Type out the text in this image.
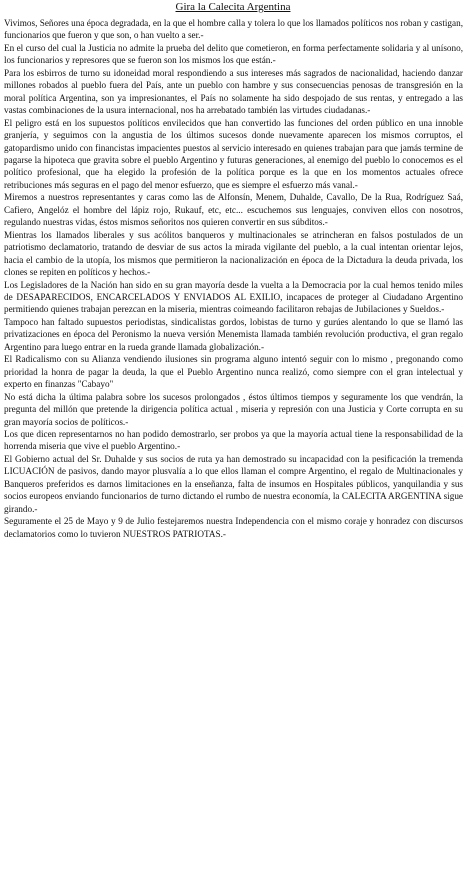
Gira la Calecita Argentina

Vivimos, Señores una época degradada, en la que el hombre calla y tolera lo que los llamados políticos nos roban y castigan, funcionarios que fueron y que son, o han vuelto a ser.-

En el curso del cual la Justicia no admite la prueba del delito que cometieron, en forma perfectamente solidaria y al unísono, los funcionarios y represores que se fueron son los mismos los que están.-

Para los esbirros de turno su idoneidad moral respondiendo a sus intereses más sagrados de nacionalidad, haciendo danzar millones robados al pueblo fuera del País, ante un pueblo con hambre y sus consecuencias penosas de transgresión en la moral política Argentina, son ya impresionantes, el País no solamente ha sido despojado de sus rentas, y entregado a las vastas combinaciones de la usura internacional, nos ha arrebatado también las virtudes ciudadanas.-

El peligro está en los supuestos políticos envilecidos que han convertido las funciones del orden público en una innoble granjería, y seguimos con la angustia de los últimos sucesos donde nuevamente aparecen los mismos corruptos, el gatopardismo unido con financistas impacientes puestos al servicio interesado en quienes trabajan para que jamás termine de pagarse la hipoteca que gravita sobre el pueblo Argentino y futuras generaciones, al enemigo del pueblo lo conocemos es el político profesional, que ha elegido la profesión de la política porque es la que en los momentos actuales ofrece retribuciones más seguras en el pago del menor esfuerzo, que es siempre el esfuerzo más vanal.-

Miremos a nuestros representantes y caras como las de Alfonsín, Menem, Duhalde, Cavallo, De la Rua, Rodríguez Saá, Cafiero, Angelóz el hombre del lápiz rojo, Rukauf, etc, etc... escuchemos sus lenguajes, conviven ellos con nosotros, regulando nuestras vidas, éstos mismos señoritos nos quieren convertir en sus súbditos.-

Mientras los llamados liberales y sus acólitos banqueros y multinacionales se atrincheran en falsos postulados de un patriotismo declamatorio, tratando de desviar de sus actos la mirada vigilante del pueblo, a la cual intentan orientar lejos, hacia el cambio de la utopía, los mismos que permitieron la nacionalización en época de la Dictadura la deuda privada, los clones se repiten en políticos y hechos.-

Los Legisladores de la Nación han sido en su gran mayoría desde la vuelta a la Democracia por la cual hemos tenido miles de DESAPARECIDOS, ENCARCELADOS Y ENVIADOS AL EXILIO, incapaces de proteger al Ciudadano Argentino permitiendo quienes trabajan perezcan en la miseria, mientras coimeando facilitaron rebajas de Jubilaciones y Sueldos.-

Tampoco han faltado supuestos periodistas, sindicalistas gordos, lobistas de turno y gurúes alentando lo que se llamó las privatizaciones en época del Peronismo la nueva versión Menemista llamada también revolución productiva, el gran regalo Argentino para luego entrar en la rueda grande llamada globalización.-

El Radicalismo con su Alianza vendiendo ilusiones sin programa alguno intentó seguir con lo mismo , pregonando como prioridad la honra de pagar la deuda, la que el Pueblo Argentino nunca realizó, como siempre con el gran intelectual y experto en finanzas "Cabayo"

No está dicha la última palabra sobre los sucesos prolongados , éstos últimos tiempos y seguramente los que vendrán, la pregunta del millón que pretende la dirigencia política actual , miseria y represión con una Justicia y Corte corrupta en su gran mayoría socios de políticos.-

Los que dicen representarnos no han podido demostrarlo, ser probos ya que la mayoría actual tiene la responsabilidad de la horrenda miseria que vive el pueblo Argentino.-

El Gobierno actual del Sr. Duhalde y sus socios de ruta ya han demostrado su incapacidad con la pesificación la tremenda LICUACIÓN de pasivos, dando mayor plusvalía a lo que ellos llaman el compre Argentino, el regalo de Multinacionales y Banqueros preferidos es darnos limitaciones en la enseñanza, falta de insumos en Hospitales públicos, yanquilandia y sus socios europeos enviando funcionarios de turno dictando el rumbo de nuestra economía, la CALECITA ARGENTINA sigue girando.-

Seguramente el 25 de Mayo y 9 de Julio festejaremos nuestra Independencia con el mismo coraje y honradez con discursos declamatorios como lo tuvieron NUESTROS PATRIOTAS.-
